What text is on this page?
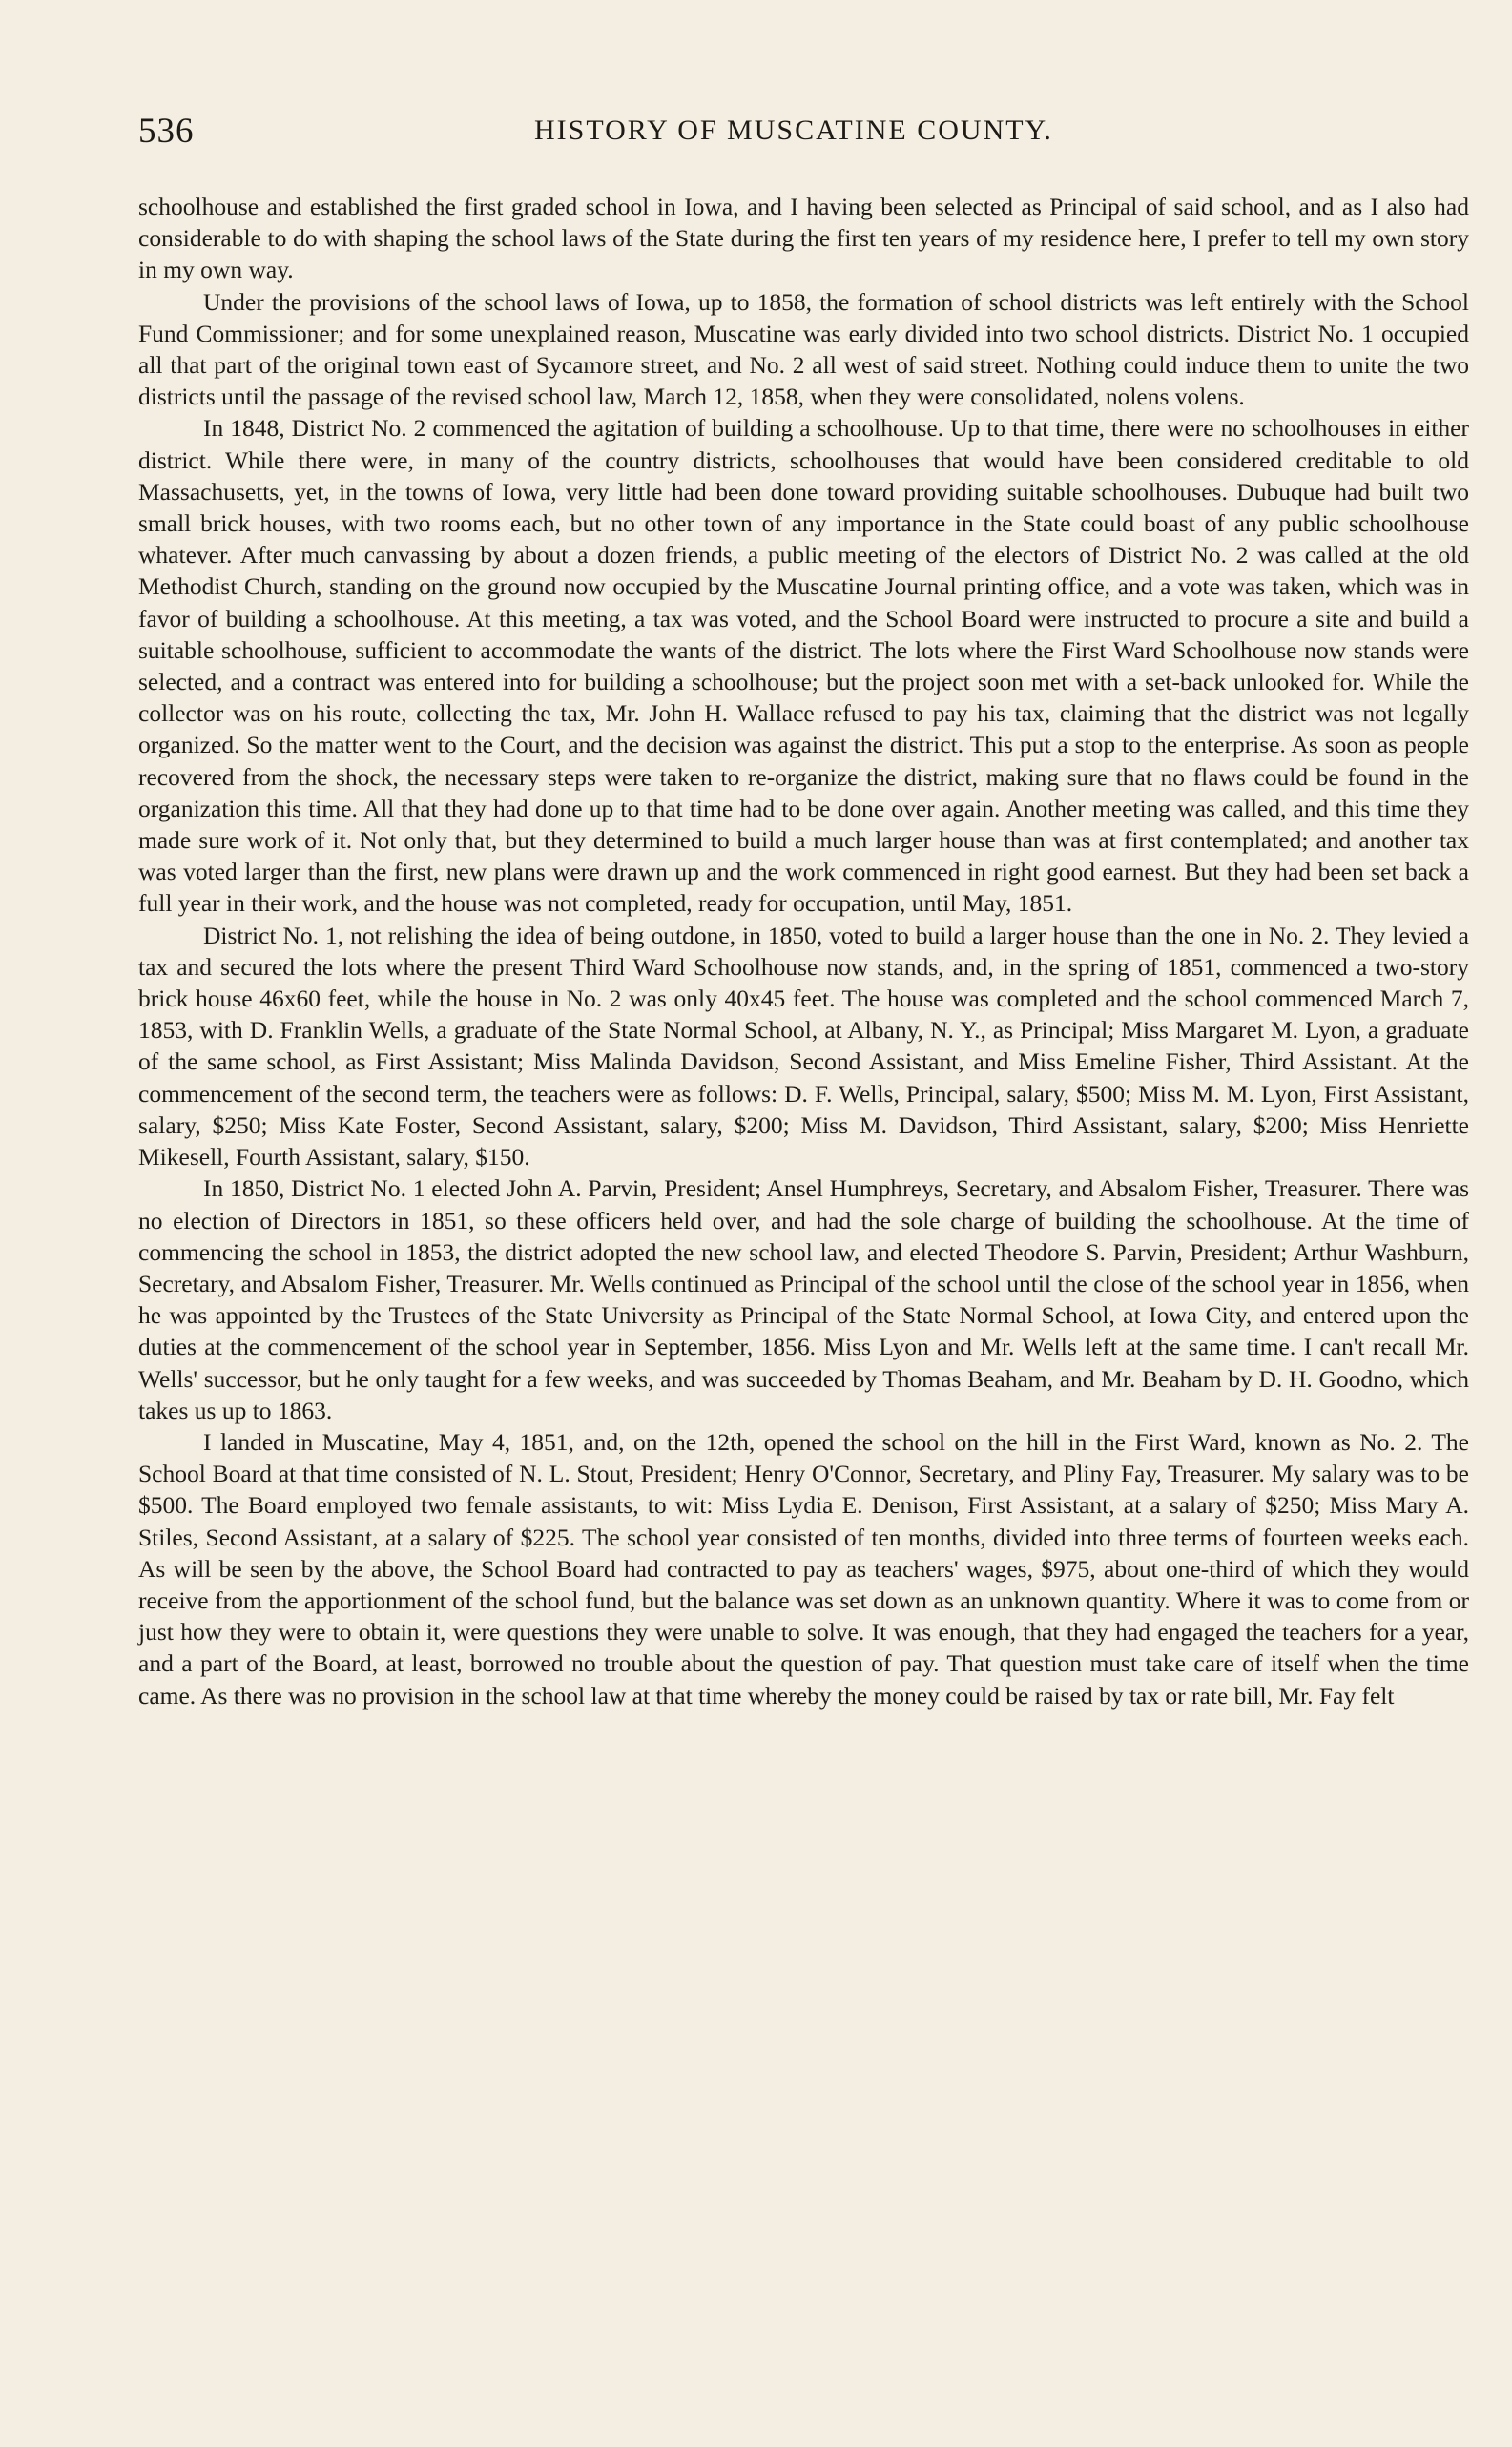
536	HISTORY OF MUSCATINE COUNTY.

schoolhouse and established the first graded school in Iowa, and I having been selected as Principal of said school, and as I also had considerable to do with shaping the school laws of the State during the first ten years of my residence here, I prefer to tell my own story in my own way.

Under the provisions of the school laws of Iowa, up to 1858, the formation of school districts was left entirely with the School Fund Commissioner; and for some unexplained reason, Muscatine was early divided into two school districts. District No. 1 occupied all that part of the original town east of Sycamore street, and No. 2 all west of said street. Nothing could induce them to unite the two districts until the passage of the revised school law, March 12, 1858, when they were consolidated, nolens volens.

In 1848, District No. 2 commenced the agitation of building a schoolhouse. Up to that time, there were no schoolhouses in either district. While there were, in many of the country districts, schoolhouses that would have been considered creditable to old Massachusetts, yet, in the towns of Iowa, very little had been done toward providing suitable schoolhouses. Dubuque had built two small brick houses, with two rooms each, but no other town of any importance in the State could boast of any public schoolhouse whatever. After much canvassing by about a dozen friends, a public meeting of the electors of District No. 2 was called at the old Methodist Church, standing on the ground now occupied by the Muscatine Journal printing office, and a vote was taken, which was in favor of building a schoolhouse. At this meeting, a tax was voted, and the School Board were instructed to procure a site and build a suitable schoolhouse, sufficient to accommodate the wants of the district. The lots where the First Ward Schoolhouse now stands were selected, and a contract was entered into for building a schoolhouse; but the project soon met with a set-back unlooked for. While the collector was on his route, collecting the tax, Mr. John H. Wallace refused to pay his tax, claiming that the district was not legally organized. So the matter went to the Court, and the decision was against the district. This put a stop to the enterprise. As soon as people recovered from the shock, the necessary steps were taken to re-organize the district, making sure that no flaws could be found in the organization this time. All that they had done up to that time had to be done over again. Another meeting was called, and this time they made sure work of it. Not only that, but they determined to build a much larger house than was at first contemplated; and another tax was voted larger than the first, new plans were drawn up and the work commenced in right good earnest. But they had been set back a full year in their work, and the house was not completed, ready for occupation, until May, 1851.

District No. 1, not relishing the idea of being outdone, in 1850, voted to build a larger house than the one in No. 2. They levied a tax and secured the lots where the present Third Ward Schoolhouse now stands, and, in the spring of 1851, commenced a two-story brick house 46x60 feet, while the house in No. 2 was only 40x45 feet. The house was completed and the school commenced March 7, 1853, with D. Franklin Wells, a graduate of the State Normal School, at Albany, N. Y., as Principal; Miss Margaret M. Lyon, a graduate of the same school, as First Assistant; Miss Malinda Davidson, Second Assistant, and Miss Emeline Fisher, Third Assistant. At the commencement of the second term, the teachers were as follows: D. F. Wells, Principal, salary, $500; Miss M. M. Lyon, First Assistant, salary, $250; Miss Kate Foster, Second Assistant, salary, $200; Miss M. Davidson, Third Assistant, salary, $200; Miss Henriette Mikesell, Fourth Assistant, salary, $150.

In 1850, District No. 1 elected John A. Parvin, President; Ansel Humphreys, Secretary, and Absalom Fisher, Treasurer. There was no election of Directors in 1851, so these officers held over, and had the sole charge of building the schoolhouse. At the time of commencing the school in 1853, the district adopted the new school law, and elected Theodore S. Parvin, President; Arthur Washburn, Secretary, and Absalom Fisher, Treasurer. Mr. Wells continued as Principal of the school until the close of the school year in 1856, when he was appointed by the Trustees of the State University as Principal of the State Normal School, at Iowa City, and entered upon the duties at the commencement of the school year in September, 1856. Miss Lyon and Mr. Wells left at the same time. I can't recall Mr. Wells' successor, but he only taught for a few weeks, and was succeeded by Thomas Beaham, and Mr. Beaham by D. H. Goodno, which takes us up to 1863.

I landed in Muscatine, May 4, 1851, and, on the 12th, opened the school on the hill in the First Ward, known as No. 2. The School Board at that time consisted of N. L. Stout, President; Henry O'Connor, Secretary, and Pliny Fay, Treasurer. My salary was to be $500. The Board employed two female assistants, to wit: Miss Lydia E. Denison, First Assistant, at a salary of $250; Miss Mary A. Stiles, Second Assistant, at a salary of $225. The school year consisted of ten months, divided into three terms of fourteen weeks each. As will be seen by the above, the School Board had contracted to pay as teachers' wages, $975, about one-third of which they would receive from the apportionment of the school fund, but the balance was set down as an unknown quantity. Where it was to come from or just how they were to obtain it, were questions they were unable to solve. It was enough, that they had engaged the teachers for a year, and a part of the Board, at least, borrowed no trouble about the question of pay. That question must take care of itself when the time came. As there was no provision in the school law at that time whereby the money could be raised by tax or rate bill, Mr. Fay felt
